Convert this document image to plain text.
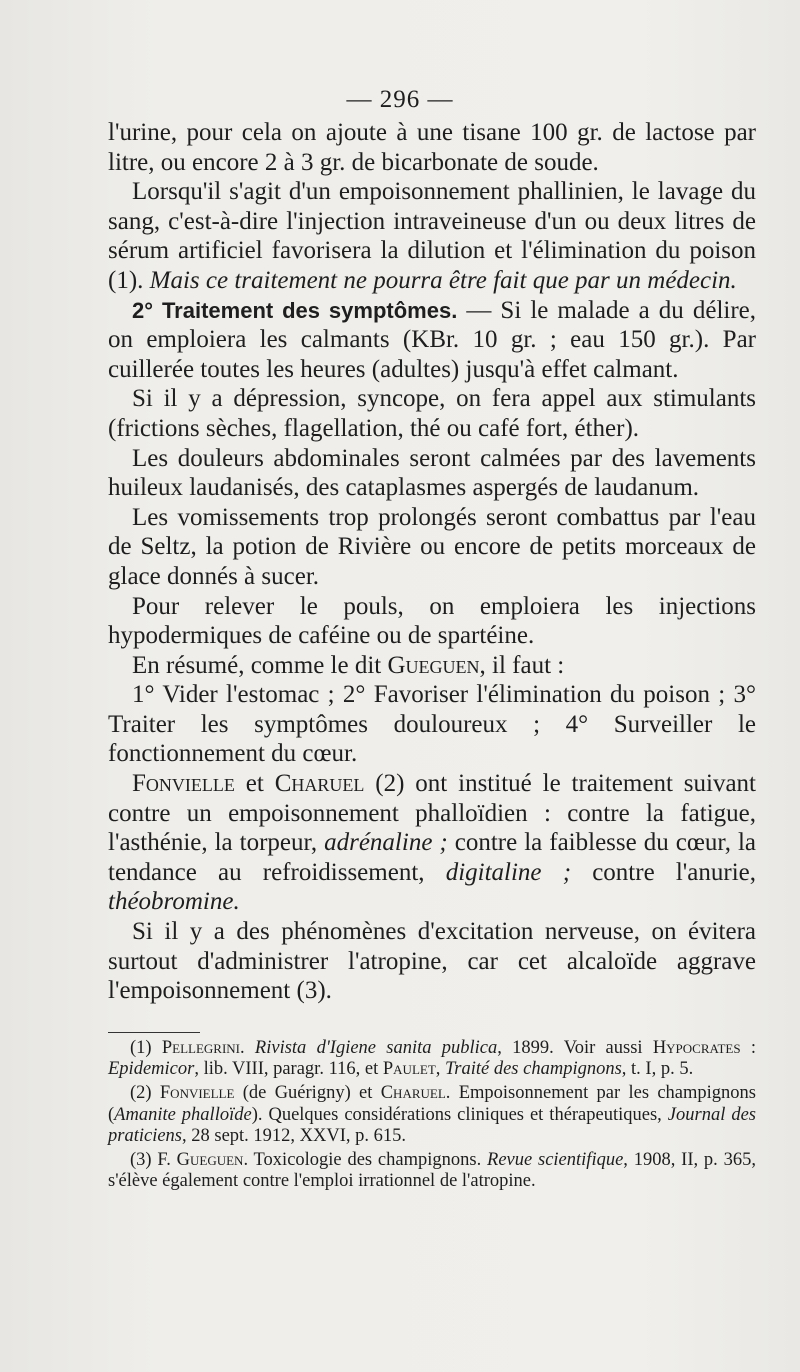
— 296 —

l'urine, pour cela on ajoute à une tisane 100 gr. de lactose par litre, ou encore 2 à 3 gr. de bicarbonate de soude.

Lorsqu'il s'agit d'un empoisonnement phallinien, le lavage du sang, c'est-à-dire l'injection intraveineuse d'un ou deux litres de sérum artificiel favorisera la dilution et l'élimination du poison (1). Mais ce traitement ne pourra être fait que par un médecin.

2° Traitement des symptômes. — Si le malade a du délire, on emploiera les calmants (KBr. 10 gr. ; eau 150 gr.). Par cuillerée toutes les heures (adultes) jusqu'à effet calmant.

Si il y a dépression, syncope, on fera appel aux stimulants (frictions sèches, flagellation, thé ou café fort, éther).

Les douleurs abdominales seront calmées par des lavements huileux laudanisés, des cataplasmes aspergés de laudanum.

Les vomissements trop prolongés seront combattus par l'eau de Seltz, la potion de Rivière ou encore de petits morceaux de glace donnés à sucer.

Pour relever le pouls, on emploiera les injections hypodermiques de caféine ou de spartéine.

En résumé, comme le dit Gueguen, il faut :

1° Vider l'estomac ; 2° Favoriser l'élimination du poison ; 3° Traiter les symptômes douloureux ; 4° Surveiller le fonctionnement du cœur.

Fonvielle et Charuel (2) ont institué le traitement suivant contre un empoisonnement phalloïdien : contre la fatigue, l'asthénie, la torpeur, adrénaline ; contre la faiblesse du cœur, la tendance au refroidissement, digitaline ; contre l'anurie, théobromine.

Si il y a des phénomènes d'excitation nerveuse, on évitera surtout d'administrer l'atropine, car cet alcaloïde aggrave l'empoisonnement (3).

(1) Pellegrini. Rivista d'Igiene sanita publica, 1899. Voir aussi Hypocrates : Epidemicor, lib. VIII, paragr. 116, et Paulet, Traité des champignons, t. I, p. 5.

(2) Fonvielle (de Guérigny) et Charuel. Empoisonnement par les champignons (Amanite phalloïde). Quelques considérations cliniques et thérapeutiques, Journal des praticiens, 28 sept. 1912, XXVI, p. 615.

(3) F. Gueguen. Toxicologie des champignons. Revue scientifique, 1908, II, p. 365, s'élève également contre l'emploi irrationnel de l'atropine.
